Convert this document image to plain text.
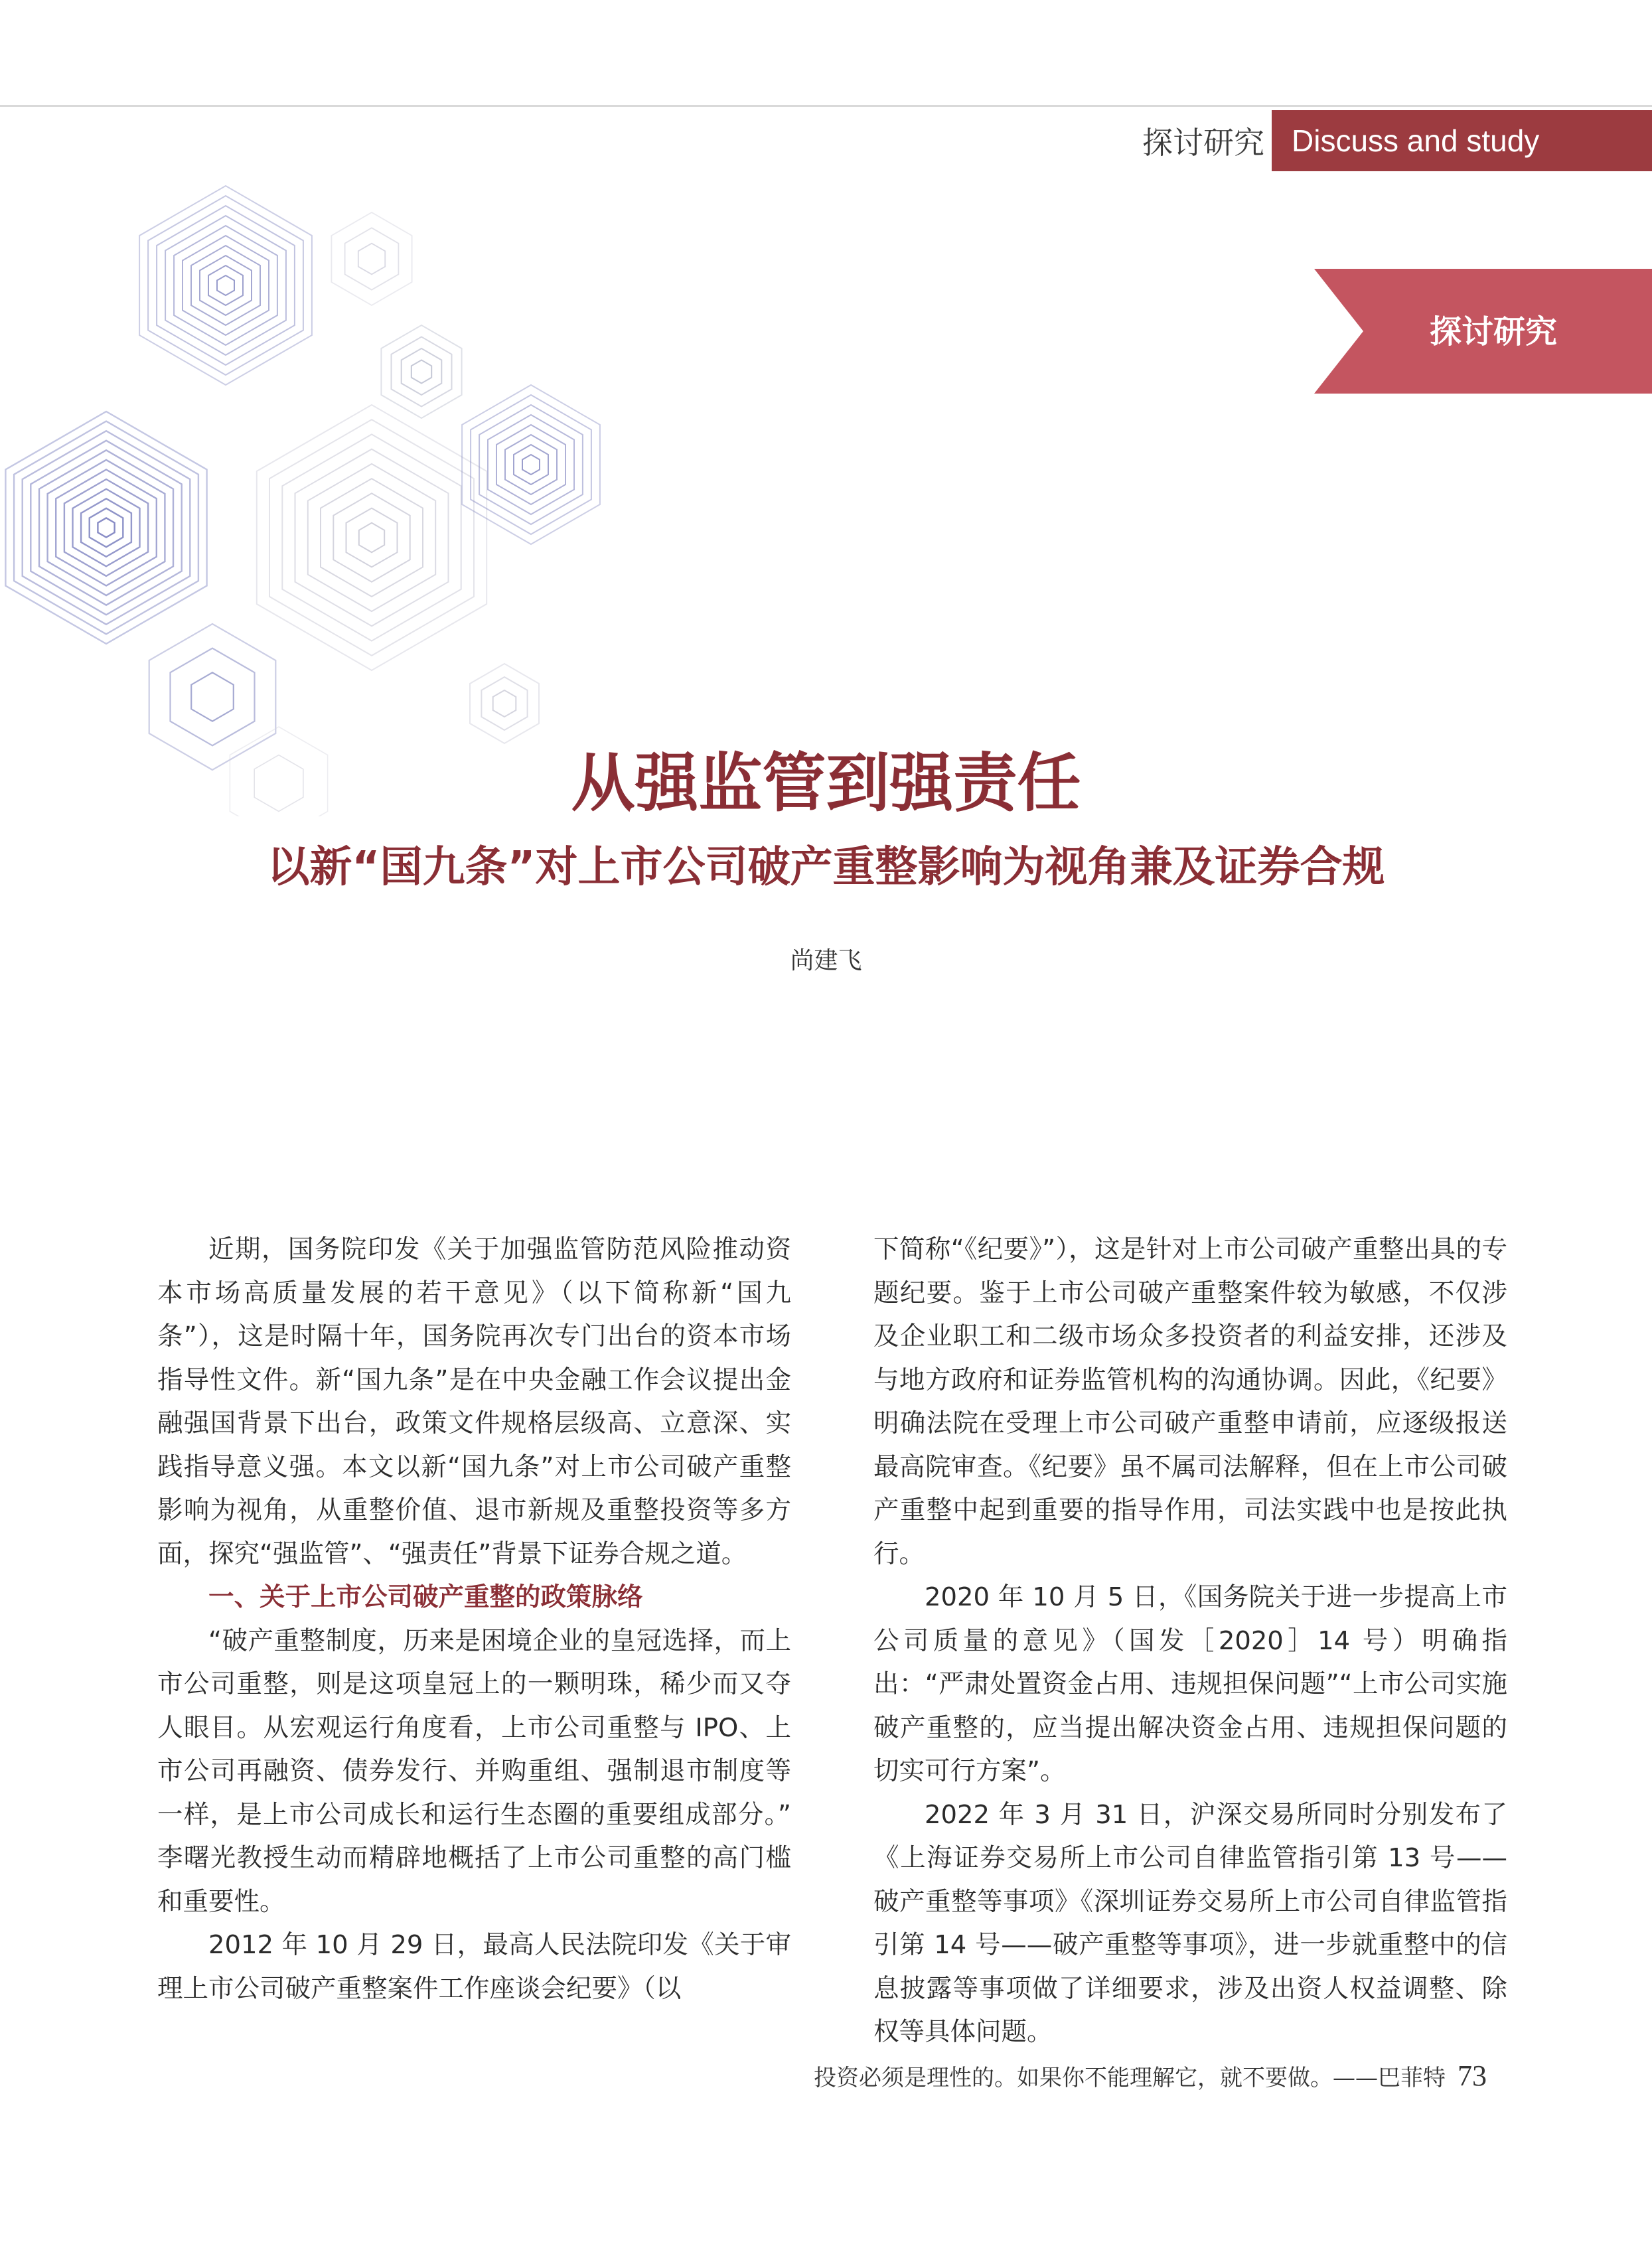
探讨研究 Discuss and study
探讨研究
从强监管到强责任
以新“国九条”对上市公司破产重整影响为视角兼及证券合规
尚建飞

近期，国务院印发《关于加强监管防范风险推动资本市场高质量发展的若干意见》（以下简称新“国九条”），这是时隔十年，国务院再次专门出台的资本市场指导性文件。新“国九条”是在中央金融工作会议提出金融强国背景下出台，政策文件规格层级高、立意深、实践指导意义强。本文以新“国九条”对上市公司破产重整影响为视角，从重整价值、退市新规及重整投资等多方面，探究“强监管”、“强责任”背景下证券合规之道。

一、关于上市公司破产重整的政策脉络

“破产重整制度，历来是困境企业的皇冠选择，而上市公司重整，则是这项皇冠上的一颗明珠，稀少而又夺人眼目。从宏观运行角度看，上市公司重整与 IPO、上市公司再融资、债券发行、并购重组、强制退市制度等一样，是上市公司成长和运行生态圈的重要组成部分。” 李曙光教授生动而精辟地概括了上市公司重整的高门槛和重要性。

2012 年 10 月 29 日，最高人民法院印发《关于审理上市公司破产重整案件工作座谈会纪要》（以

下简称“《纪要》”），这是针对上市公司破产重整出具的专题纪要。鉴于上市公司破产重整案件较为敏感，不仅涉及企业职工和二级市场众多投资者的利益安排，还涉及与地方政府和证券监管机构的沟通协调。因此，《纪要》明确法院在受理上市公司破产重整申请前，应逐级报送最高院审查。《纪要》虽不属司法解释，但在上市公司破产重整中起到重要的指导作用，司法实践中也是按此执行。

2020 年 10 月 5 日，《国务院关于进一步提高上市公司质量的意见》（国发［2020］14 号）明确指出：“严肃处置资金占用、违规担保问题”“上市公司实施破产重整的，应当提出解决资金占用、违规担保问题的切实可行方案”。

2022 年 3 月 31 日，沪深交易所同时分别发布了《上海证券交易所上市公司自律监管指引第 13 号——破产重整等事项》《深圳证券交易所上市公司自律监管指引第 14 号——破产重整等事项》，进一步就重整中的信息披露等事项做了详细要求，涉及出资人权益调整、除权等具体问题。

投资必须是理性的。如果你不能理解它，就不要做。——巴菲特 73
